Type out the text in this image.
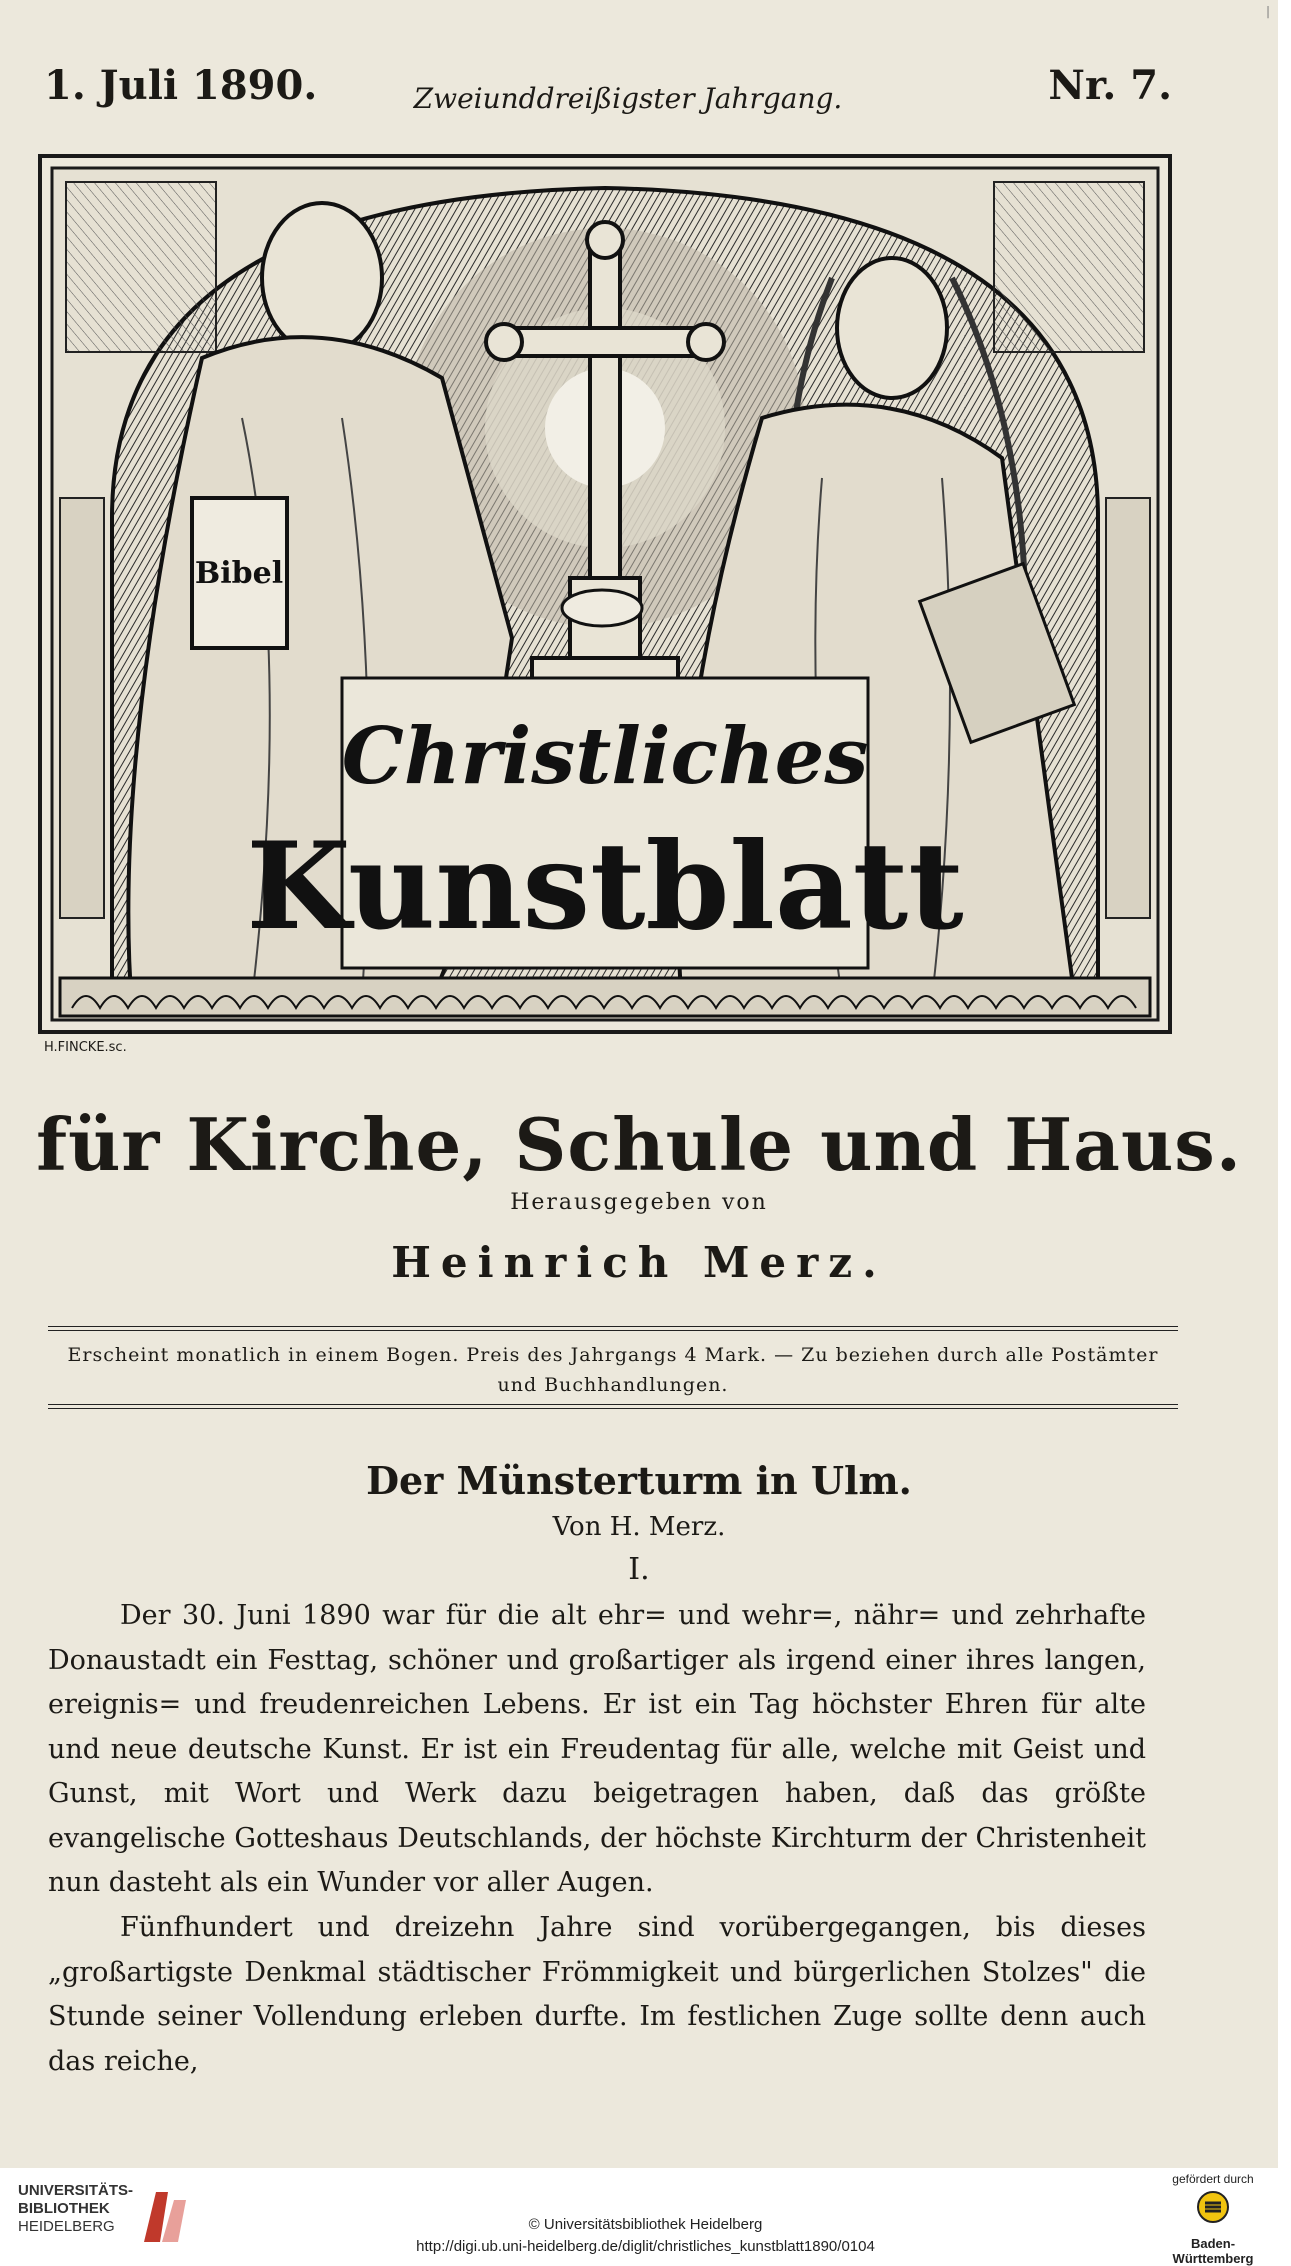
|
1. Juli 1890.	Zweiunddreißigster Jahrgang.	Nr. 7.
Bibel
Christliches
Kunstblatt
H.FINCKE.sc.
für Kirche, Schule und Haus.
Herausgegeben von
Heinrich Merz.
Erscheint monatlich in einem Bogen. Preis des Jahrgangs 4 Mark. — Zu beziehen durch alle Postämter
und Buchhandlungen.
Der Münsterturm in Ulm.
Von H. Merz.
I.

Der 30. Juni 1890 war für die alt ehr= und wehr=, nähr= und zehrhafte Donaustadt ein Festtag, schöner und großartiger als irgend einer ihres langen, ereignis= und freudenreichen Lebens. Er ist ein Tag höchster Ehren für alte und neue deutsche Kunst. Er ist ein Freudentag für alle, welche mit Geist und Gunst, mit Wort und Werk dazu beigetragen haben, daß das größte evangelische Gotteshaus Deutschlands, der höchste Kirchturm der Christenheit nun dasteht als ein Wunder vor aller Augen.

Fünfhundert und dreizehn Jahre sind vorübergegangen, bis dieses „großartigste Denkmal städtischer Frömmigkeit und bürgerlichen Stolzes" die Stunde seiner Vollendung erleben durfte. Im festlichen Zuge sollte denn auch das reiche,

UNIVERSITÄTS-
BIBLIOTHEK
HEIDELBERG	© Universitätsbibliothek Heidelberg
http://digi.ub.uni-heidelberg.de/diglit/christliches_kunstblatt1890/0104
gefördert durch
Baden-Württemberg
